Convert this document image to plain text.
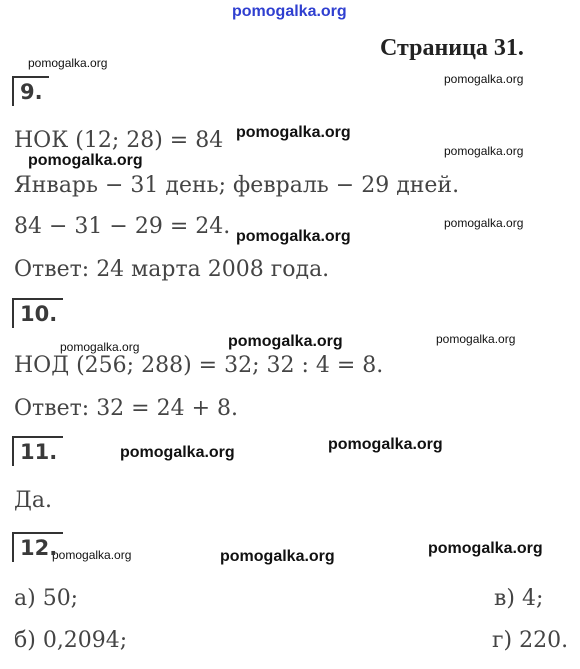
pomogalka.org
Страница 31.
pomogalka.org
pomogalka.org
pomogalka.org
pomogalka.org
pomogalka.org
pomogalka.org
pomogalka.org
pomogalka.org	pomogalka.org	pomogalka.org
pomogalka.org
pomogalka.org
pomogalka.org	pomogalka.org	pomogalka.org
9.
НОК (12; 28) = 84
Январь − 31 день; февраль − 29 дней.
84 − 31 − 29 = 24.
Ответ: 24 марта 2008 года.
10.
НОД (256; 288) = 32; 32 : 4 = 8.
Ответ: 32 = 24 + 8.
11.
Да.
12.
а) 50;	в) 4;
б) 0,2094;	г) 220.
